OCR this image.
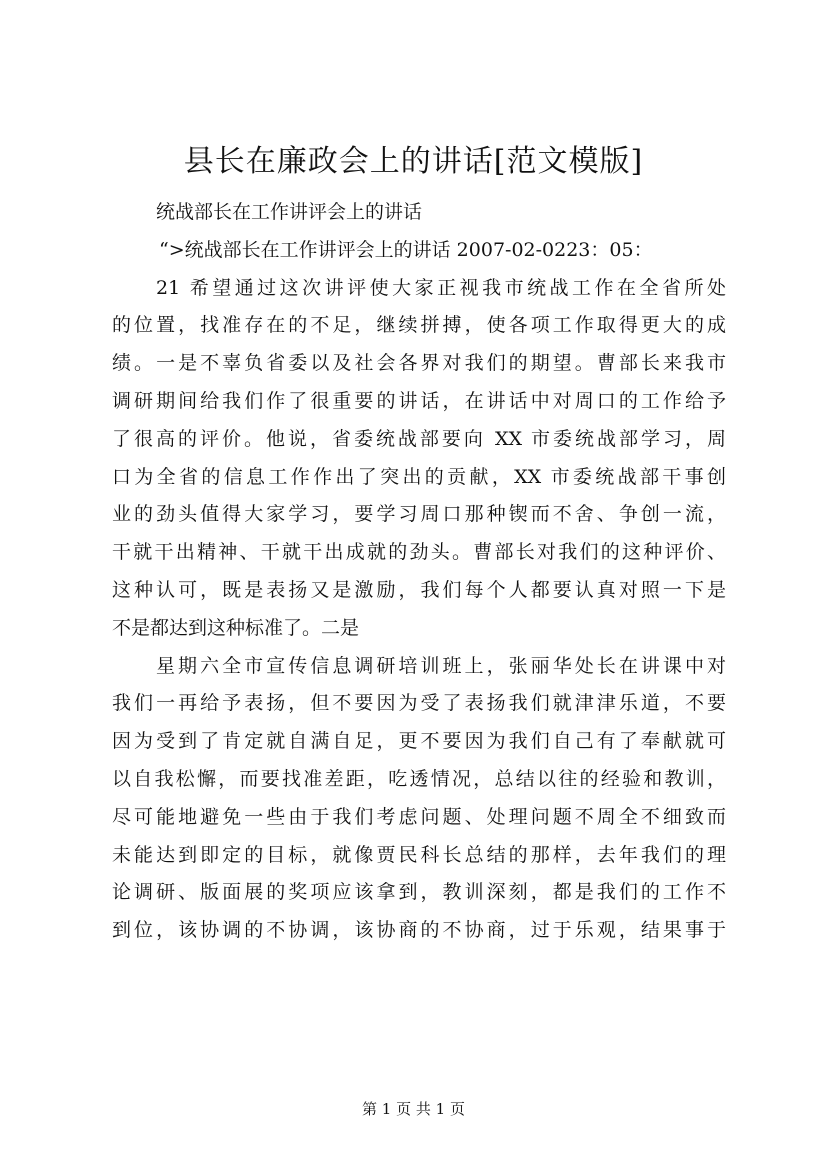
县长在廉政会上的讲话[范文模版]
统战部长在工作讲评会上的讲话
“>统战部长在工作讲评会上的讲话 2007-02-0223：05：
21 希望通过这次讲评使大家正视我市统战工作在全省所处
的位置，找准存在的不足，继续拼搏，使各项工作取得更大的成
绩。一是不辜负省委以及社会各界对我们的期望。曹部长来我市
调研期间给我们作了很重要的讲话，在讲话中对周口的工作给予
了很高的评价。他说，省委统战部要向 XX 市委统战部学习，周
口为全省的信息工作作出了突出的贡献，XX 市委统战部干事创
业的劲头值得大家学习，要学习周口那种锲而不舍、争创一流，
干就干出精神、干就干出成就的劲头。曹部长对我们的这种评价、
这种认可，既是表扬又是激励，我们每个人都要认真对照一下是
不是都达到这种标准了。二是
星期六全市宣传信息调研培训班上，张丽华处长在讲课中对
我们一再给予表扬，但不要因为受了表扬我们就津津乐道，不要
因为受到了肯定就自满自足，更不要因为我们自己有了奉献就可
以自我松懈，而要找准差距，吃透情况，总结以往的经验和教训，
尽可能地避免一些由于我们考虑问题、处理问题不周全不细致而
未能达到即定的目标，就像贾民科长总结的那样，去年我们的理
论调研、版面展的奖项应该拿到，教训深刻，都是我们的工作不
到位，该协调的不协调，该协商的不协商，过于乐观，结果事于
第 1 页 共 1 页
